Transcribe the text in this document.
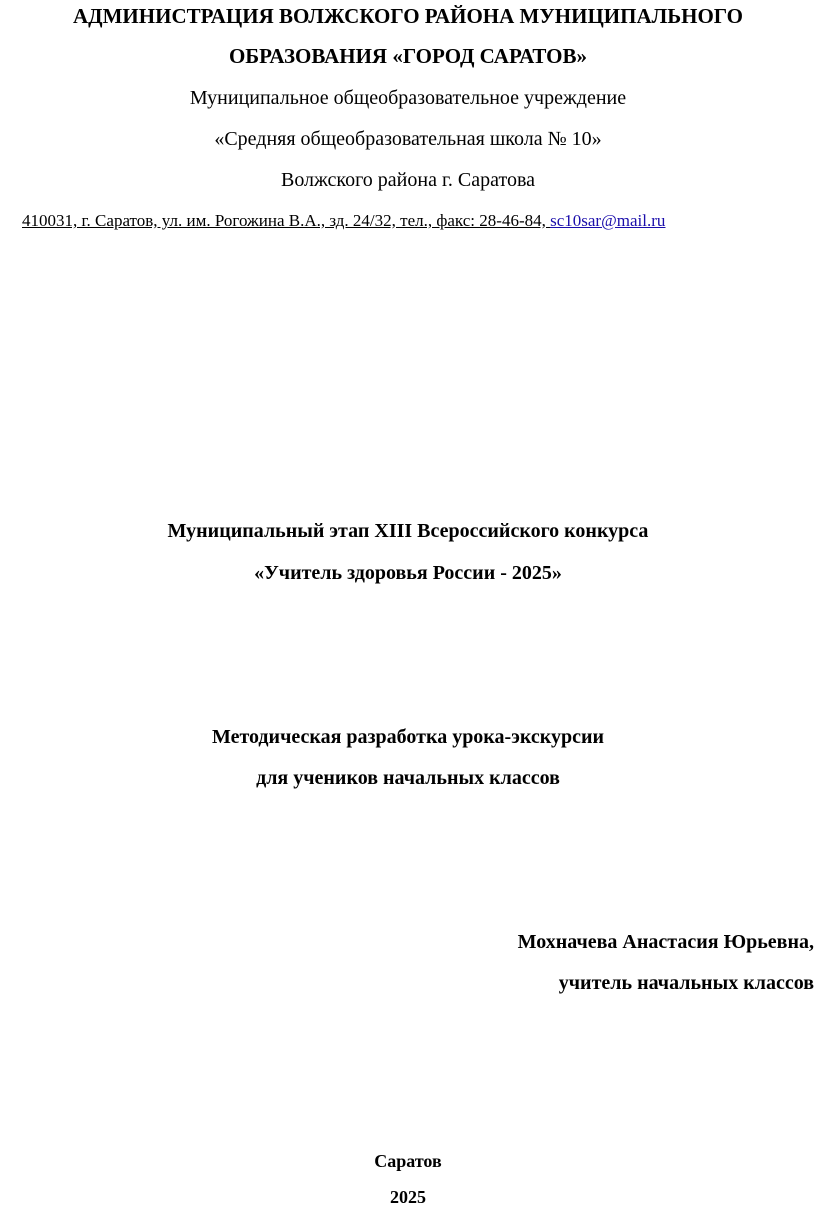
АДМИНИСТРАЦИЯ ВОЛЖСКОГО РАЙОНА МУНИЦИПАЛЬНОГО
ОБРАЗОВАНИЯ «ГОРОД САРАТОВ»
Муниципальное общеобразовательное учреждение
«Средняя общеобразовательная школа № 10»
Волжского района г. Саратова
410031, г. Саратов, ул. им. Рогожина В.А., зд. 24/32, тел., факс: 28-46-84, sc10sar@mail.ru
Муниципальный этап XIII Всероссийского конкурса
«Учитель здоровья России - 2025»
Методическая разработка урока-экскурсии
для учеников начальных классов
Мохначева Анастасия Юрьевна,
учитель начальных классов
Саратов
2025
